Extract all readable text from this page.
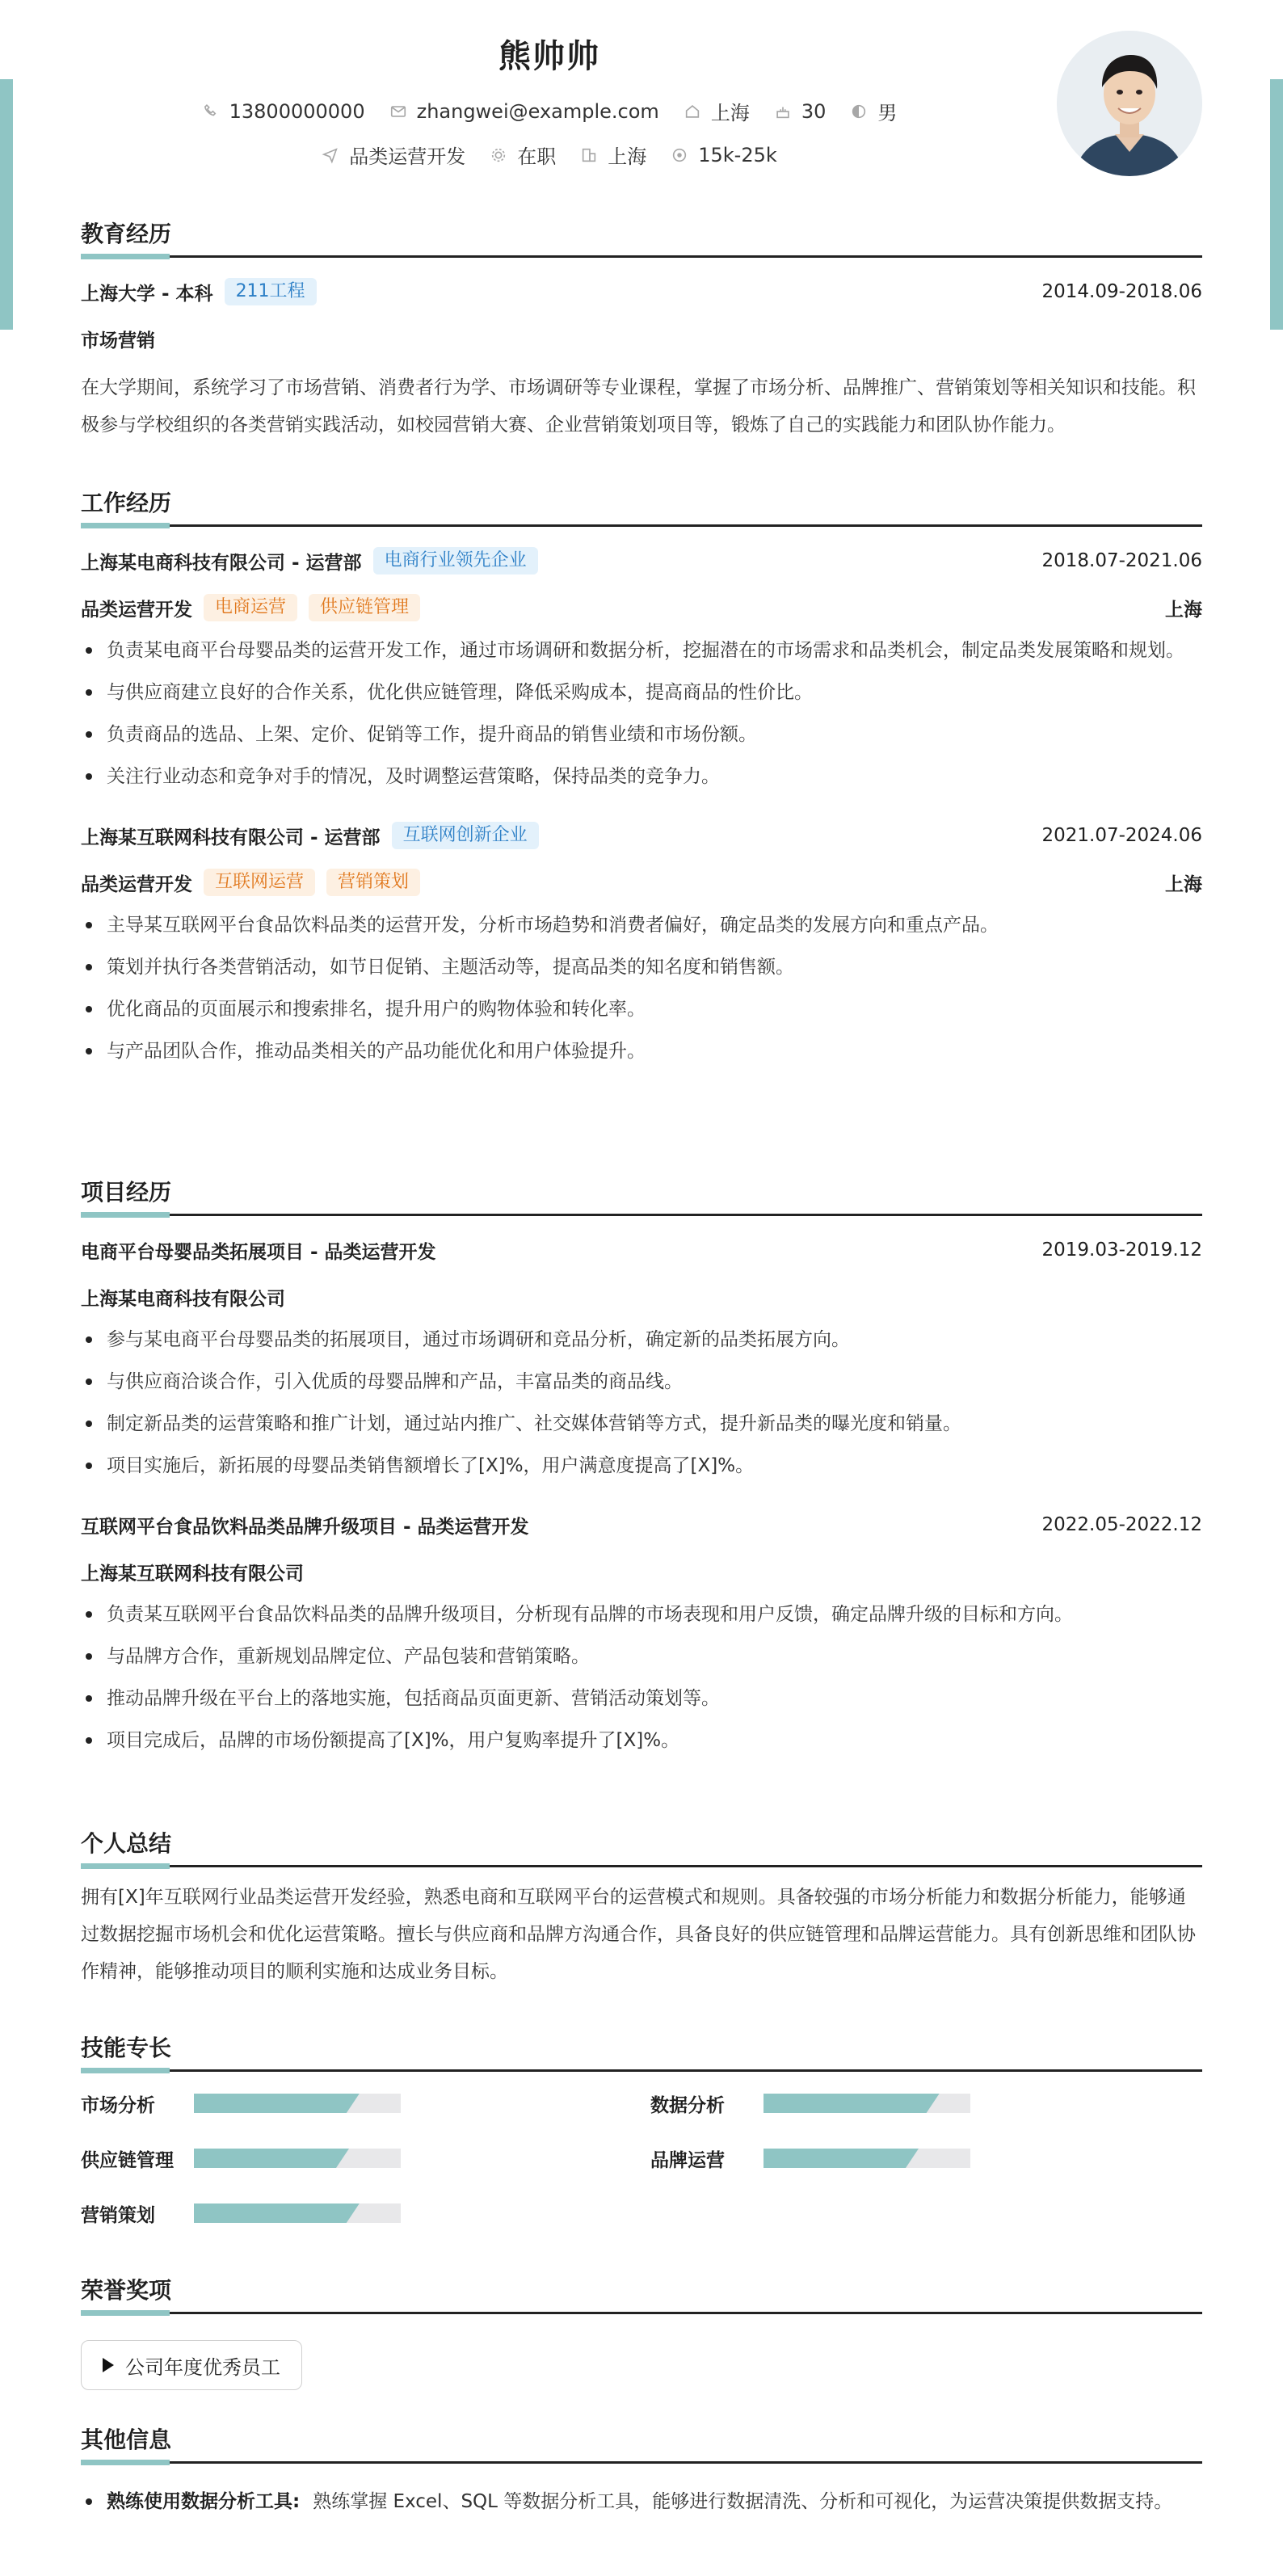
熊帅帅
13800000000	zhangwei@example.com	上海	30	男
品类运营开发	在职	上海	15k-25k
教育经历
上海大学 - 本科	211工程	2014.09-2018.06
市场营销
在大学期间，系统学习了市场营销、消费者行为学、市场调研等专业课程，掌握了市场分析、品牌推广、营销策划等相关知识和技能。积极参与学校组织的各类营销实践活动，如校园营销大赛、企业营销策划项目等，锻炼了自己的实践能力和团队协作能力。
工作经历
上海某电商科技有限公司 - 运营部	电商行业领先企业	2018.07-2021.06
品类运营开发	电商运营	供应链管理	上海
负责某电商平台母婴品类的运营开发工作，通过市场调研和数据分析，挖掘潜在的市场需求和品类机会，制定品类发展策略和规划。
与供应商建立良好的合作关系，优化供应链管理，降低采购成本，提高商品的性价比。
负责商品的选品、上架、定价、促销等工作，提升商品的销售业绩和市场份额。
关注行业动态和竞争对手的情况，及时调整运营策略，保持品类的竞争力。
上海某互联网科技有限公司 - 运营部	互联网创新企业	2021.07-2024.06
品类运营开发	互联网运营	营销策划	上海
主导某互联网平台食品饮料品类的运营开发，分析市场趋势和消费者偏好，确定品类的发展方向和重点产品。
策划并执行各类营销活动，如节日促销、主题活动等，提高品类的知名度和销售额。
优化商品的页面展示和搜索排名，提升用户的购物体验和转化率。
与产品团队合作，推动品类相关的产品功能优化和用户体验提升。
项目经历
电商平台母婴品类拓展项目 - 品类运营开发	2019.03-2019.12
上海某电商科技有限公司
参与某电商平台母婴品类的拓展项目，通过市场调研和竞品分析，确定新的品类拓展方向。
与供应商洽谈合作，引入优质的母婴品牌和产品，丰富品类的商品线。
制定新品类的运营策略和推广计划，通过站内推广、社交媒体营销等方式，提升新品类的曝光度和销量。
项目实施后，新拓展的母婴品类销售额增长了[X]%，用户满意度提高了[X]%。
互联网平台食品饮料品类品牌升级项目 - 品类运营开发	2022.05-2022.12
上海某互联网科技有限公司
负责某互联网平台食品饮料品类的品牌升级项目，分析现有品牌的市场表现和用户反馈，确定品牌升级的目标和方向。
与品牌方合作，重新规划品牌定位、产品包装和营销策略。
推动品牌升级在平台上的落地实施，包括商品页面更新、营销活动策划等。
项目完成后，品牌的市场份额提高了[X]%，用户复购率提升了[X]%。
个人总结
拥有[X]年互联网行业品类运营开发经验，熟悉电商和互联网平台的运营模式和规则。具备较强的市场分析能力和数据分析能力，能够通过数据挖掘市场机会和优化运营策略。擅长与供应商和品牌方沟通合作，具备良好的供应链管理和品牌运营能力。具有创新思维和团队协作精神，能够推动项目的顺利实施和达成业务目标。
技能专长
市场分析	数据分析
供应链管理	品牌运营
营销策划
荣誉奖项
公司年度优秀员工
其他信息
熟练使用数据分析工具: 熟练掌握 Excel、SQL 等数据分析工具，能够进行数据清洗、分析和可视化，为运营决策提供数据支持。
